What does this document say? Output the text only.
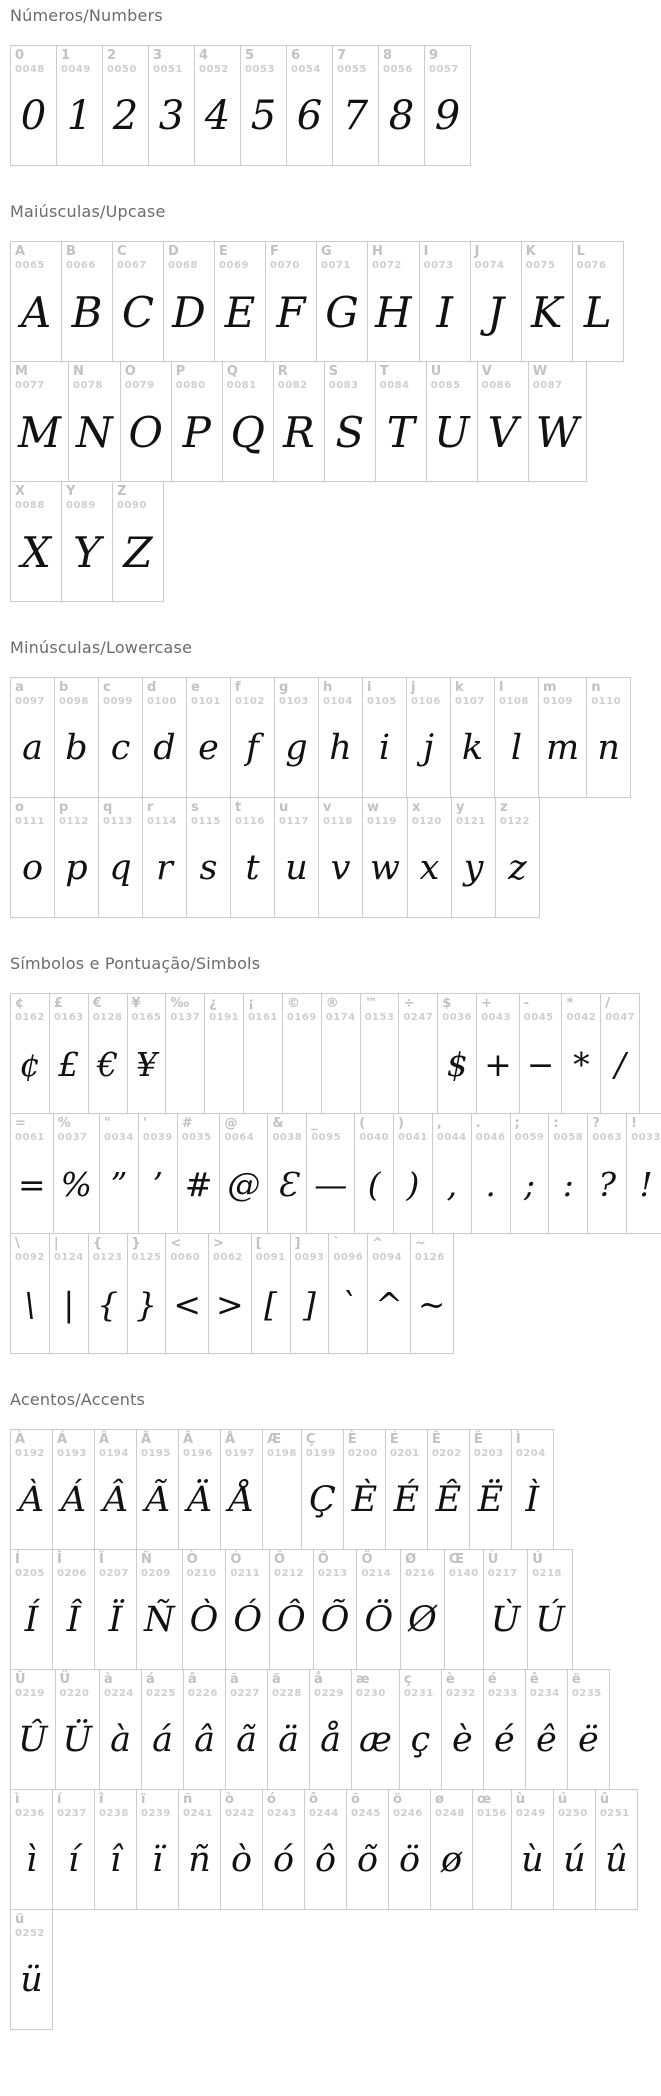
Números/Numbers
0
0048
0
1
0049
1
2
0050
2
3
0051
3
4
0052
4
5
0053
5
6
0054
6
7
0055
7
8
0056
8
9
0057
9
Maiúsculas/Upcase
A
0065
A
B
0066
B
C
0067
C
D
0068
D
E
0069
E
F
0070
F
G
0071
G
H
0072
H
I
0073
I
J
0074
J
K
0075
K
L
0076
L
M
0077
M
N
0078
N
O
0079
O
P
0080
P
Q
0081
Q
R
0082
R
S
0083
S
T
0084
T
U
0085
U
V
0086
V
W
0087
W
X
0088
X
Y
0089
Y
Z
0090
Z
Minúsculas/Lowercase
a
0097
a
b
0098
b
c
0099
c
d
0100
d
e
0101
e
f
0102
f
g
0103
g
h
0104
h
i
0105
i
j
0106
j
k
0107
k
l
0108
l
m
0109
m
n
0110
n
o
0111
o
p
0112
p
q
0113
q
r
0114
r
s
0115
s
t
0116
t
u
0117
u
v
0118
v
w
0119
w
x
0120
x
y
0121
y
z
0122
z
Símbolos e Pontuação/Simbols
¢
0162
¢
£
0163
£
€
0128
€
¥
0165
¥
‰
0137
¿
0191
¡
0161
©
0169
®
0174
™
0153
÷
0247
$
0036
$
+
0043
+
-
0045
−
*
0042
*
/
0047
/
=
0061
=
%
0037
%
"
0034
”
'
0039
’
#
0035
#
@
0064
@
&
0038
Ɛ
_
0095
—
(
0040
(
)
0041
)
,
0044
,
.
0046
.
;
0059
;
:
0058
:
?
0063
?
!
0033
!
\
0092
\
|
0124
|
{
0123
{
}
0125
}
<
0060
<
>
0062
>
[
0091
[
]
0093
]
`
0096
`
^
0094
^
~
0126
~
Acentos/Accents
À
0192
À
Á
0193
Á
Â
0194
Â
Ã
0195
Ã
Ä
0196
Ä
Å
0197
Å
Æ
0198
Ç
0199
Ç
È
0200
È
É
0201
É
Ê
0202
Ê
Ë
0203
Ë
Ì
0204
Ì
Í
0205
Í
Î
0206
Î
Ï
0207
Ï
Ñ
0209
Ñ
Ò
0210
Ò
Ó
0211
Ó
Ô
0212
Ô
Õ
0213
Õ
Ö
0214
Ö
Ø
0216
Ø
Œ
0140
Ù
0217
Ù
Ú
0218
Ú
Û
0219
Û
Ü
0220
Ü
à
0224
à
á
0225
á
â
0226
â
ã
0227
ã
ä
0228
ä
å
0229
å
æ
0230
æ
ç
0231
ç
è
0232
è
é
0233
é
ê
0234
ê
ë
0235
ë
ì
0236
ì
í
0237
í
î
0238
î
ï
0239
ï
ñ
0241
ñ
ò
0242
ò
ó
0243
ó
ô
0244
ô
õ
0245
õ
ö
0246
ö
ø
0248
ø
œ
0156
ù
0249
ù
ú
0250
ú
û
0251
û
ü
0252
ü
